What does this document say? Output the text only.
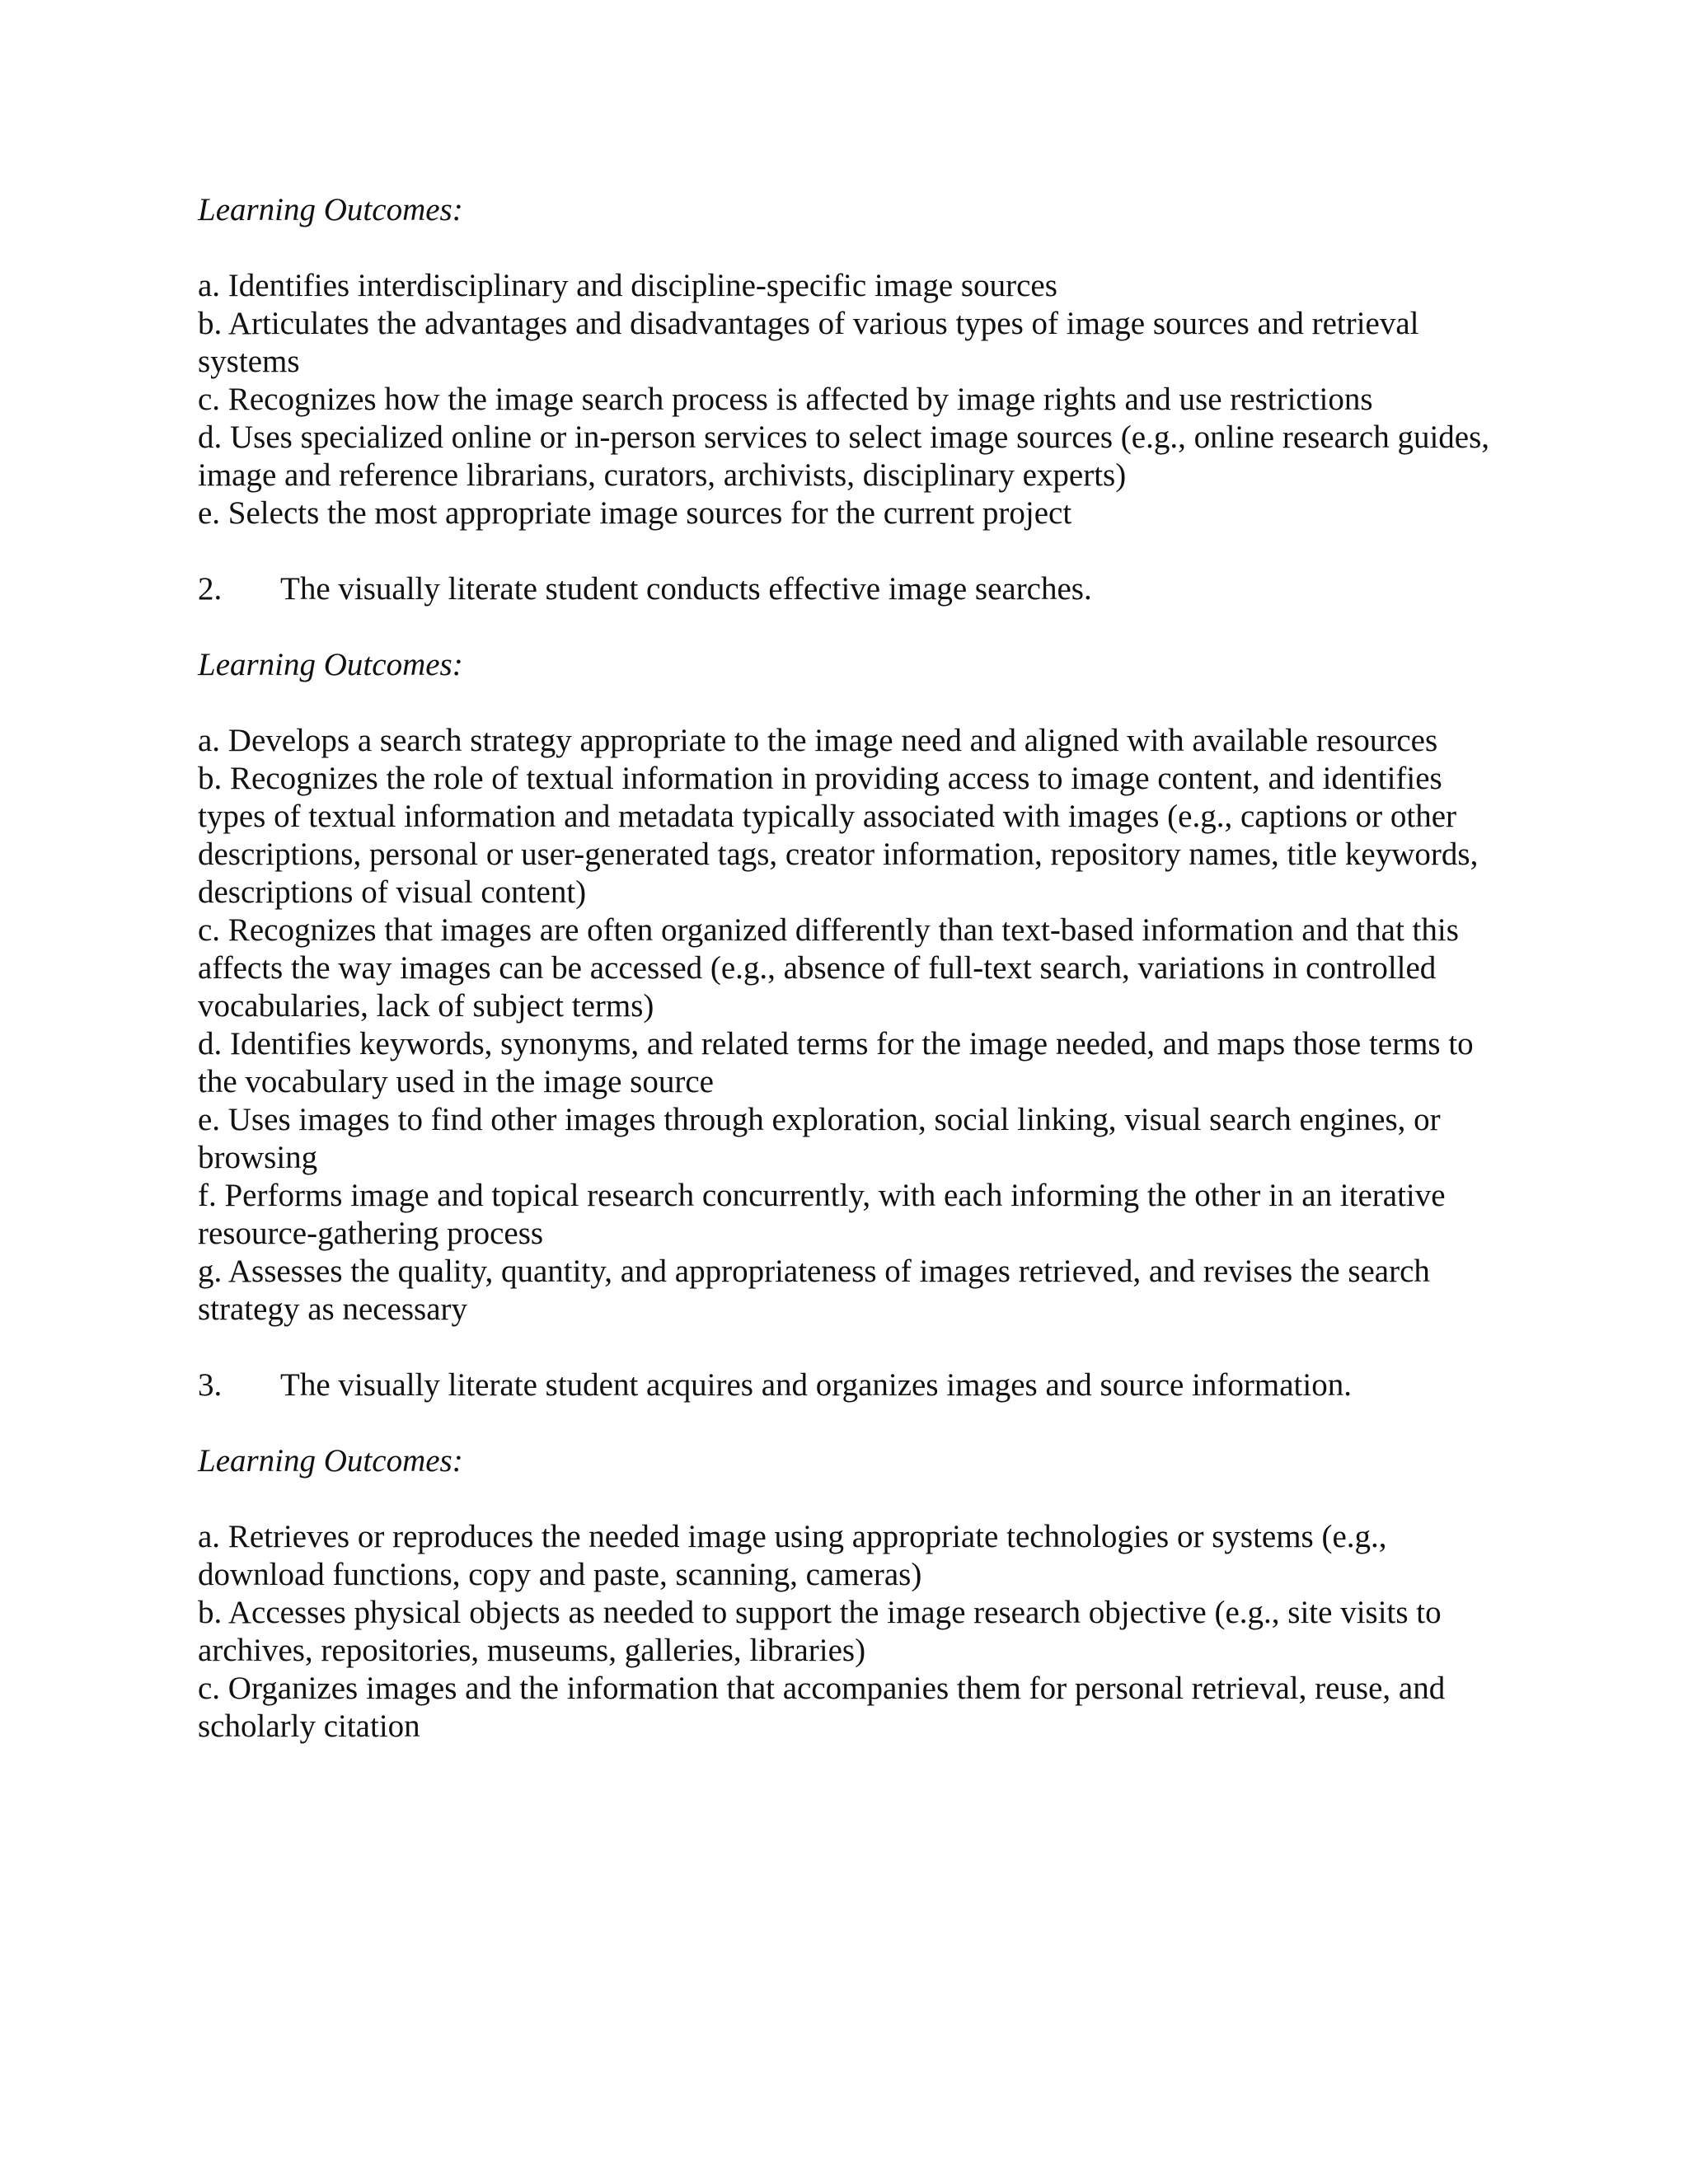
Learning Outcomes:

a. Identifies interdisciplinary and discipline-specific image sources

b. Articulates the advantages and disadvantages of various types of image sources and retrieval systems

c. Recognizes how the image search process is affected by image rights and use restrictions

d. Uses specialized online or in-person services to select image sources (e.g., online research guides, image and reference librarians, curators, archivists, disciplinary experts)

e. Selects the most appropriate image sources for the current project

2.	The visually literate student conducts effective image searches.

Learning Outcomes:

a. Develops a search strategy appropriate to the image need and aligned with available resources

b. Recognizes the role of textual information in providing access to image content, and identifies types of textual information and metadata typically associated with images (e.g., captions or other descriptions, personal or user-generated tags, creator information, repository names, title keywords, descriptions of visual content)

c. Recognizes that images are often organized differently than text-based information and that this affects the way images can be accessed (e.g., absence of full-text search, variations in controlled vocabularies, lack of subject terms)

d. Identifies keywords, synonyms, and related terms for the image needed, and maps those terms to the vocabulary used in the image source

e. Uses images to find other images through exploration, social linking, visual search engines, or browsing

f. Performs image and topical research concurrently, with each informing the other in an iterative resource-gathering process

g. Assesses the quality, quantity, and appropriateness of images retrieved, and revises the search strategy as necessary

3.	The visually literate student acquires and organizes images and source information.

Learning Outcomes:

a. Retrieves or reproduces the needed image using appropriate technologies or systems (e.g., download functions, copy and paste, scanning, cameras)

b. Accesses physical objects as needed to support the image research objective (e.g., site visits to archives, repositories, museums, galleries, libraries)

c. Organizes images and the information that accompanies them for personal retrieval, reuse, and scholarly citation
